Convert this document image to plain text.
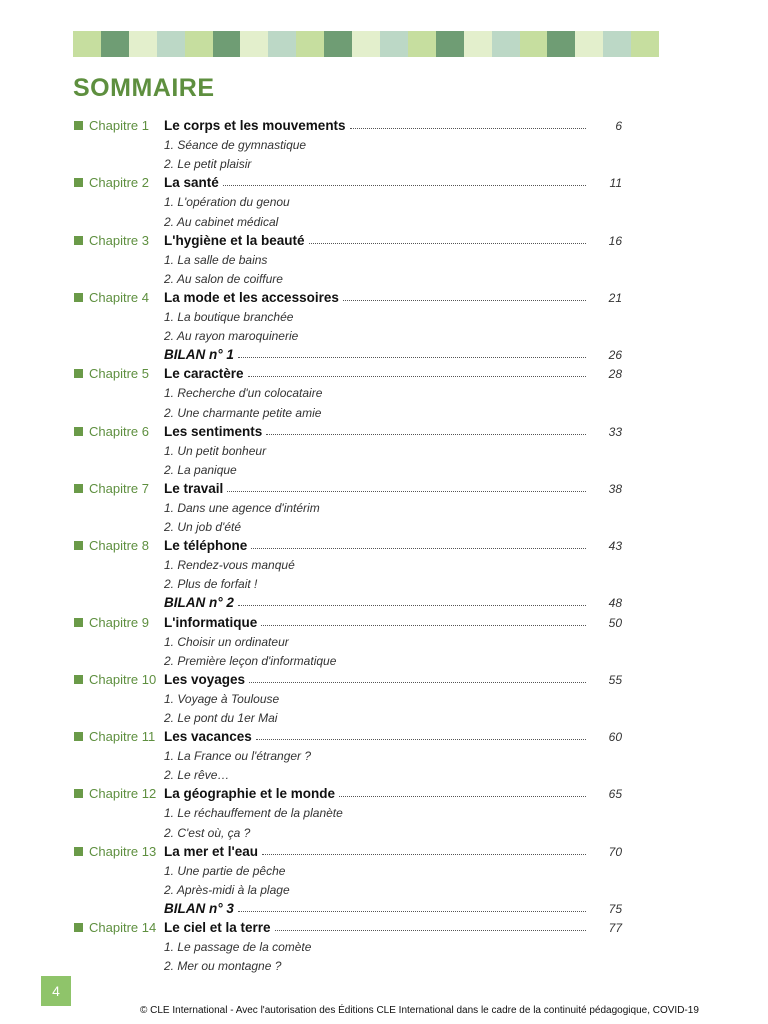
SOMMAIRE
Chapitre 1 Le corps et les mouvements	6
1. Séance de gymnastique
2. Le petit plaisir
Chapitre 2 La santé	11
1. L'opération du genou
2. Au cabinet médical
Chapitre 3 L'hygiène et la beauté	16
1. La salle de bains
2. Au salon de coiffure
Chapitre 4 La mode et les accessoires	21
1. La boutique branchée
2. Au rayon maroquinerie
BILAN n° 1	26
Chapitre 5 Le caractère	28
1. Recherche d'un colocataire
2. Une charmante petite amie
Chapitre 6 Les sentiments	33
1. Un petit bonheur
2. La panique
Chapitre 7 Le travail	38
1. Dans une agence d'intérim
2. Un job d'été
Chapitre 8 Le téléphone	43
1. Rendez-vous manqué
2. Plus de forfait !
BILAN n° 2	48
Chapitre 9 L'informatique	50
1. Choisir un ordinateur
2. Première leçon d'informatique
Chapitre 10 Les voyages	55
1. Voyage à Toulouse
2. Le pont du 1er Mai
Chapitre 11 Les vacances	60
1. La France ou l'étranger ?
2. Le rêve…
Chapitre 12 La géographie et le monde	65
1. Le réchauffement de la planète
2. C'est où, ça ?
Chapitre 13 La mer et l'eau	70
1. Une partie de pêche
2. Après-midi à la plage
BILAN n° 3	75
Chapitre 14 Le ciel et la terre	77
1. Le passage de la comète
2. Mer ou montagne ?
4
© CLE International - Avec l'autorisation des Éditions CLE International dans le cadre de la continuité pédagogique, COVID-19
